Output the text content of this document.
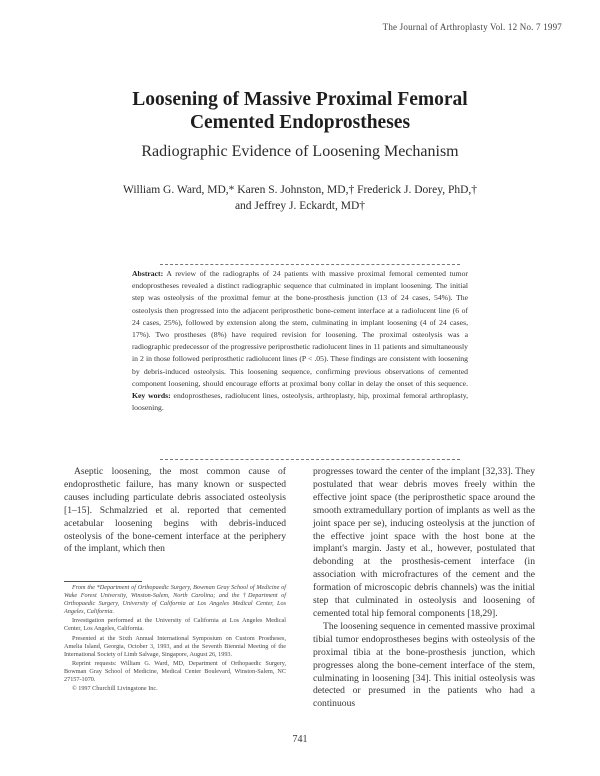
The Journal of Arthroplasty Vol. 12 No. 7 1997
Loosening of Massive Proximal Femoral
Cemented Endoprostheses
Radiographic Evidence of Loosening Mechanism
William G. Ward, MD,* Karen S. Johnston, MD,† Frederick J. Dorey, PhD,†
and Jeffrey J. Eckardt, MD†
Abstract: A review of the radiographs of 24 patients with massive proximal femoral cemented tumor endoprostheses revealed a distinct radiographic sequence that culminated in implant loosening. The initial step was osteolysis of the proximal femur at the bone-prosthesis junction (13 of 24 cases, 54%). The osteolysis then progressed into the adjacent periprosthetic bone-cement interface at a radiolucent line (6 of 24 cases, 25%), followed by extension along the stem, culminating in implant loosening (4 of 24 cases, 17%). Two prostheses (8%) have required revision for loosening. The proximal osteolysis was a radiographic predecessor of the progressive periprosthetic radiolucent lines in 11 patients and simultaneously in 2 in those followed periprosthetic radiolucent lines (P < .05). These findings are consistent with loosening by debris-induced osteolysis. This loosening sequence, confirming previous observations of cemented component loosening, should encourage efforts at proximal bony collar in delay the onset of this sequence. Key words: endoprostheses, radiolucent lines, osteolysis, arthroplasty, hip, proximal femoral arthroplasty, loosening.

Aseptic loosening, the most common cause of endoprosthetic failure, has many known or suspected causes including particulate debris associated osteolysis [1–15]. Schmalzried et al. reported that cemented acetabular loosening begins with debris-induced osteolysis of the bone-cement interface at the periphery of the implant, which then

progresses toward the center of the implant [32,33]. They postulated that wear debris moves freely within the effective joint space (the periprosthetic space around the smooth extramedullary portion of implants as well as the joint space per se), inducing osteolysis at the junction of the effective joint space with the host bone at the implant's margin. Jasty et al., however, postulated that debonding at the prosthesis-cement interface (in association with microfractures of the cement and the formation of microscopic debris channels) was the initial step that culminated in osteolysis and loosening of cemented total hip femoral components [18,29].

The loosening sequence in cemented massive proximal tibial tumor endoprostheses begins with osteolysis of the proximal tibia at the bone-prosthesis junction, which progresses along the bone-cement interface of the stem, culminating in loosening [34]. This initial osteolysis was detected or presumed in the patients who had a continuous

From the *Department of Orthopaedic Surgery, Bowman Gray School of Medicine of Wake Forest University, Winston-Salem, North Carolina; and the †Department of Orthopaedic Surgery, University of California at Los Angeles Medical Center, Los Angeles, California.

Investigation performed at the University of California at Los Angeles Medical Center, Los Angeles, California.

Presented at the Sixth Annual International Symposium on Custom Prostheses, Amelia Island, Georgia, October 3, 1993, and at the Seventh Biennial Meeting of the International Society of Limb Salvage, Singapore, August 26, 1993.

Reprint requests: William G. Ward, MD, Department of Orthopaedic Surgery, Bowman Gray School of Medicine, Medical Center Boulevard, Winston-Salem, NC 27157-1070.

© 1997 Churchill Livingstone Inc.

741
